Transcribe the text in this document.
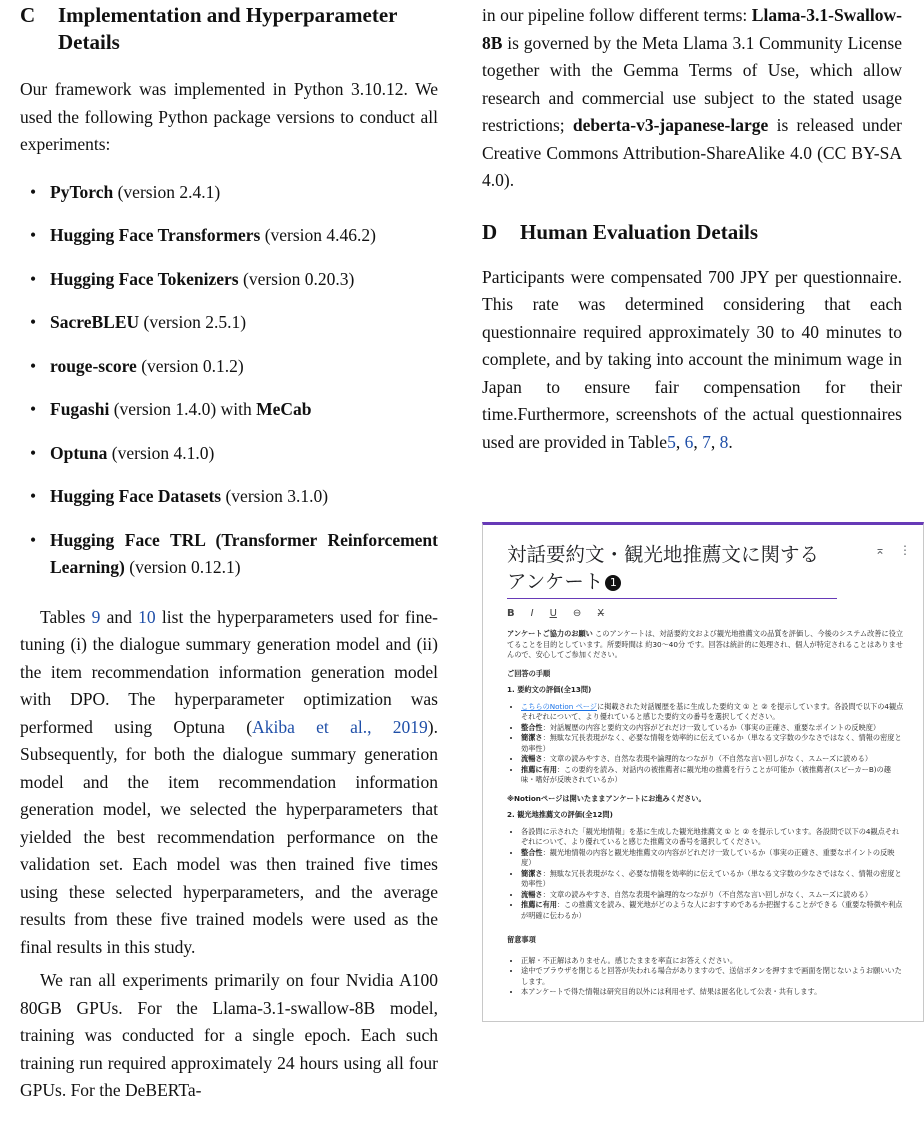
C	Implementation and Hyperparameter Details

Our framework was implemented in Python 3.10.12. We used the following Python package versions to conduct all experiments:

• PyTorch (version 2.4.1)
• Hugging Face Transformers (version 4.46.2)
• Hugging Face Tokenizers (version 0.20.3)
• SacreBLEU (version 2.5.1)
• rouge-score (version 0.1.2)
• Fugashi (version 1.4.0) with MeCab
• Optuna (version 4.1.0)
• Hugging Face Datasets (version 3.1.0)
• Hugging Face TRL (Transformer Reinforcement Learning) (version 0.12.1)

Tables 9 and 10 list the hyperparameters used for fine-tuning (i) the dialogue summary generation model and (ii) the item recommendation information generation model with DPO. The hyperparameter optimization was performed using Optuna (Akiba et al., 2019). Subsequently, for both the dialogue summary generation model and the item recommendation information generation model, we selected the hyperparameters that yielded the best recommendation performance on the validation set. Each model was then trained five times using these selected hyperparameters, and the average results from these five trained models were used as the final results in this study.

We ran all experiments primarily on four Nvidia A100 80GB GPUs. For the Llama-3.1-swallow-8B model, training was conducted for a single epoch. Each such training run required approximately 24 hours using all four GPUs. For the DeBERTa-

in our pipeline follow different terms: Llama-3.1-Swallow-8B is governed by the Meta Llama 3.1 Community License together with the Gemma Terms of Use, which allow research and commercial use subject to the stated usage restrictions; deberta-v3-japanese-large is released under Creative Commons Attribution-ShareAlike 4.0 (CC BY-SA 4.0).

D	Human Evaluation Details

Participants were compensated 700 JPY per questionnaire. This rate was determined considering that each questionnaire required approximately 30 to 40 minutes to complete, and by taking into account the minimum wage in Japan to ensure fair compensation for their time.Furthermore, screenshots of the actual questionnaires used are provided in Table5, 6, 7, 8.

対話要約文・観光地推薦文に関するアンケート 1
⌅ ⋮
B I U ⊖ X̶

アンケートご協力のお願い このアンケートは、対話要約文および観光地推薦文の品質を評価し、今後のシステム改善に役立てることを目的としています。所要時間は 約30〜40分 です。回答は統計的に処理され、個人が特定されることはありませんので、安心してご参加ください。

ご回答の手順
1. 要約文の評価(全13問)
• こちらのNotion ページに掲載された対話履歴を基に生成した要約文 ① と ② を提示しています。各設問で以下の4観点それぞれについて、より優れていると感じた要約文の番号を選択してください。
• 整合性：対話履歴の内容と要約文の内容がどれだけ一致しているか（事実の正確さ、重要なポイントの反映度）
• 簡潔さ：無駄な冗長表現がなく、必要な情報を効率的に伝えているか（単なる文字数の少なさではなく、情報の密度と効率性）
• 流暢さ：文章の読みやすさ、自然な表現や論理的なつながり（不自然な言い回しがなく、スムーズに読める）
• 推薦に有用：この要約を読み、対話内の被推薦者に観光地の推薦を行うことが可能か（被推薦者(スピーカーB)の趣味・嗜好が反映されているか）
※Notionページは開いたままアンケートにお進みください。
2. 観光地推薦文の評価(全12問)
• 各設問に示された「観光地情報」を基に生成した観光地推薦文 ① と ② を提示しています。各設問で以下の4観点それぞれについて、より優れていると感じた推薦文の番号を選択してください。
• 整合性：観光地情報の内容と観光地推薦文の内容がどれだけ一致しているか（事実の正確さ、重要なポイントの反映度）
• 簡潔さ：無駄な冗長表現がなく、必要な情報を効率的に伝えているか（単なる文字数の少なさではなく、情報の密度と効率性）
• 流暢さ：文章の読みやすさ、自然な表現や論理的なつながり（不自然な言い回しがなく、スムーズに読める）
• 推薦に有用：この推薦文を読み、観光地がどのような人におすすめであるか把握することができる（重要な特徴や利点が明確に伝わるか）
留意事項
• 正解・不正解はありません。感じたままを率直にお答えください。
• 途中でブラウザを閉じると回答が失われる場合がありますので、送信ボタンを押すまで画面を閉じないようお願いいたします。
• 本アンケートで得た情報は研究目的以外には利用せず、結果は匿名化して公表・共有します。
